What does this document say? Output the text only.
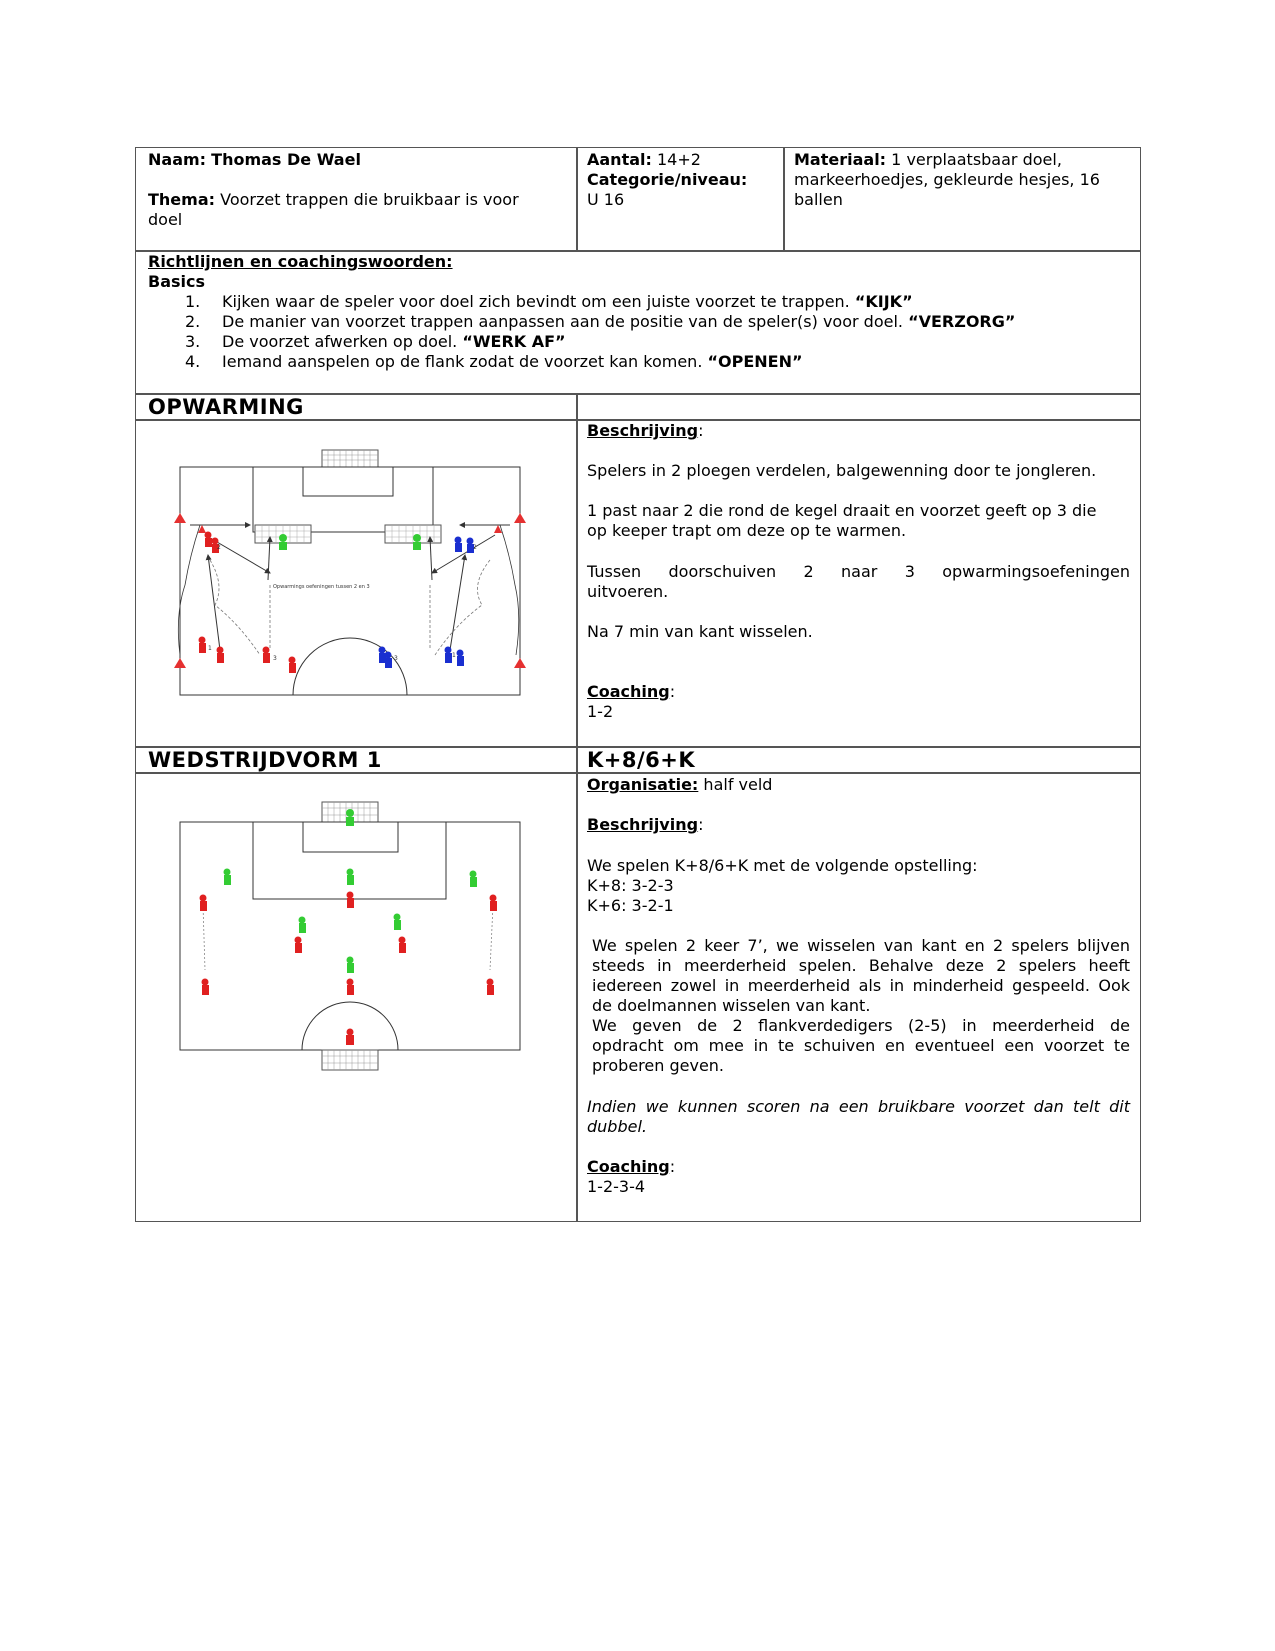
Naam: Thomas De Wael
Thema: Voorzet trappen die bruikbaar is voor
doel
Aantal: 14+2
Categorie/niveau:
U 16
Materiaal: 1 verplaatsbaar doel,
markeerhoedjes, gekleurde hesjes, 16
ballen
Richtlijnen en coachingswoorden:
Basics
1. Kijken waar de speler voor doel zich bevindt om een juiste voorzet te trappen. “KIJK”
2. De manier van voorzet trappen aanpassen aan de positie van de speler(s) voor doel. “VERZORG”
3. De voorzet afwerken op doel. “WERK AF”
4. Iemand aanspelen op de flank zodat de voorzet kan komen. “OPENEN”
OPWARMING
Beschrijving:
Spelers in 2 ploegen verdelen, balgewenning door te jongleren.
1 past naar 2 die rond de kegel draait en voorzet geeft op 3 die
op keeper trapt om deze op te warmen.
Tussen doorschuiven 2 naar 3 opwarmingsoefeningen
uitvoeren.
Na 7 min van kant wisselen.
Coaching:
1-2
Opwarmings oefeningen tussen 2 en 3
2
1
1
2
3	3
WEDSTRIJDVORM 1	K+8/6+K
Organisatie: half veld
Beschrijving:
We spelen K+8/6+K met de volgende opstelling:
K+8: 3-2-3
K+6: 3-2-1
We spelen 2 keer 7’, we wisselen van kant en 2 spelers blijven
steeds in meerderheid spelen. Behalve deze 2 spelers heeft
iedereen zowel in meerderheid als in minderheid gespeeld. Ook
de doelmannen wisselen van kant.
We geven de 2 flankverdedigers (2-5) in meerderheid de
opdracht om mee in te schuiven en eventueel een voorzet te
proberen geven.
Indien we kunnen scoren na een bruikbare voorzet dan telt dit
dubbel.
Coaching:
1-2-3-4
